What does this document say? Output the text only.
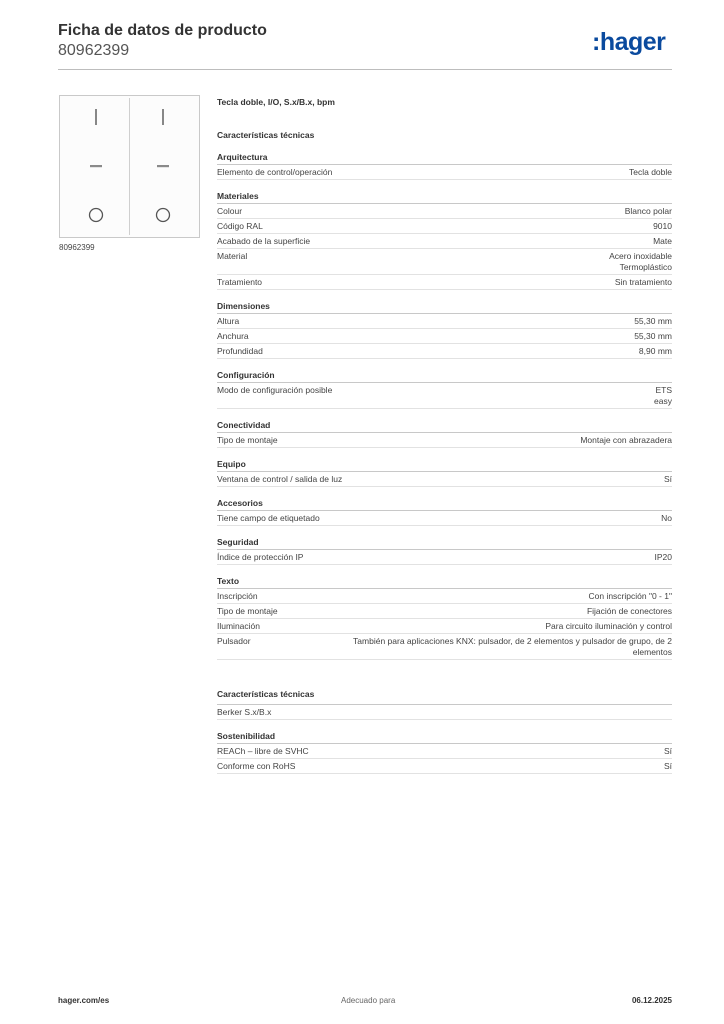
Ficha de datos de producto
80962399	:hager
80962399
Tecla doble, I/O, S.x/B.x, bpm
Características técnicas
Arquitectura
Elemento de control/operación	Tecla doble
Materiales
Colour	Blanco polar
Código RAL	9010
Acabado de la superficie	Mate
Material	Acero inoxidable
Termoplástico
Tratamiento	Sin tratamiento
Dimensiones
Altura	55,30 mm
Anchura	55,30 mm
Profundidad	8,90 mm
Configuración
Modo de configuración posible	ETS
easy
Conectividad
Tipo de montaje	Montaje con abrazadera
Equipo
Ventana de control / salida de luz	Sí
Accesorios
Tiene campo de etiquetado	No
Seguridad
Índice de protección IP	IP20
Texto
Inscripción	Con inscripción "0 - 1"
Tipo de montaje	Fijación de conectores
Iluminación	Para circuito iluminación y control
Pulsador	También para aplicaciones KNX: pulsador, de 2 elementos y pulsador de grupo, de 2 elementos
Características técnicas
Berker S.x/B.x
Sostenibilidad
REACh – libre de SVHC	Sí
Conforme con RoHS	Sí
hager.com/es	Adecuado para	06.12.2025
